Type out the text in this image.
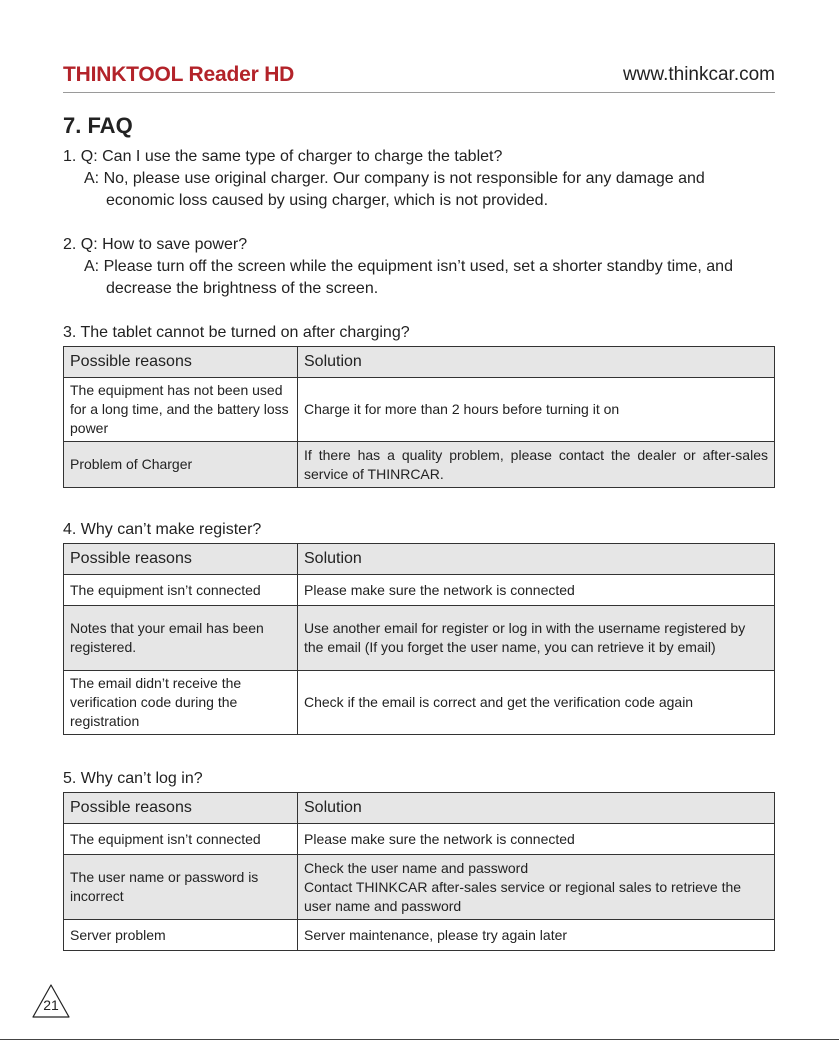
THINKTOOL Reader HD	www.thinkcar.com
7. FAQ

1. Q: Can I use the same type of charger to charge the tablet?

A: No, please use original charger. Our company is not responsible for any damage and economic loss caused by using charger, which is not provided.

2. Q: How to save power?

A: Please turn off the screen while the equipment isn’t used, set a shorter standby time, and decrease the brightness of the screen.

3. The tablet cannot be turned on after charging?

Possible reasons	Solution
The equipment has not been used for a long time, and the battery loss power	Charge it for more than 2 hours before turning it on
Problem of Charger	If there has a quality problem, please contact the dealer or after-sales service of THINRCAR.

4. Why can’t make register?

Possible reasons	Solution
The equipment isn’t connected	Please make sure the network is connected
Notes that your email has been registered.	Use another email for register or log in with the username registered by the email (If you forget the user name, you can retrieve it by email)
The email didn’t receive the verification code during the registration	Check if the email is correct and get the verification code again

5. Why can’t log in?

Possible reasons	Solution
The equipment isn’t connected	Please make sure the network is connected
The user name or password is incorrect	Check the user name and password
Contact THINKCAR after-sales service or regional sales to retrieve the user name and password

Server problem	Server maintenance, please try again later
21
